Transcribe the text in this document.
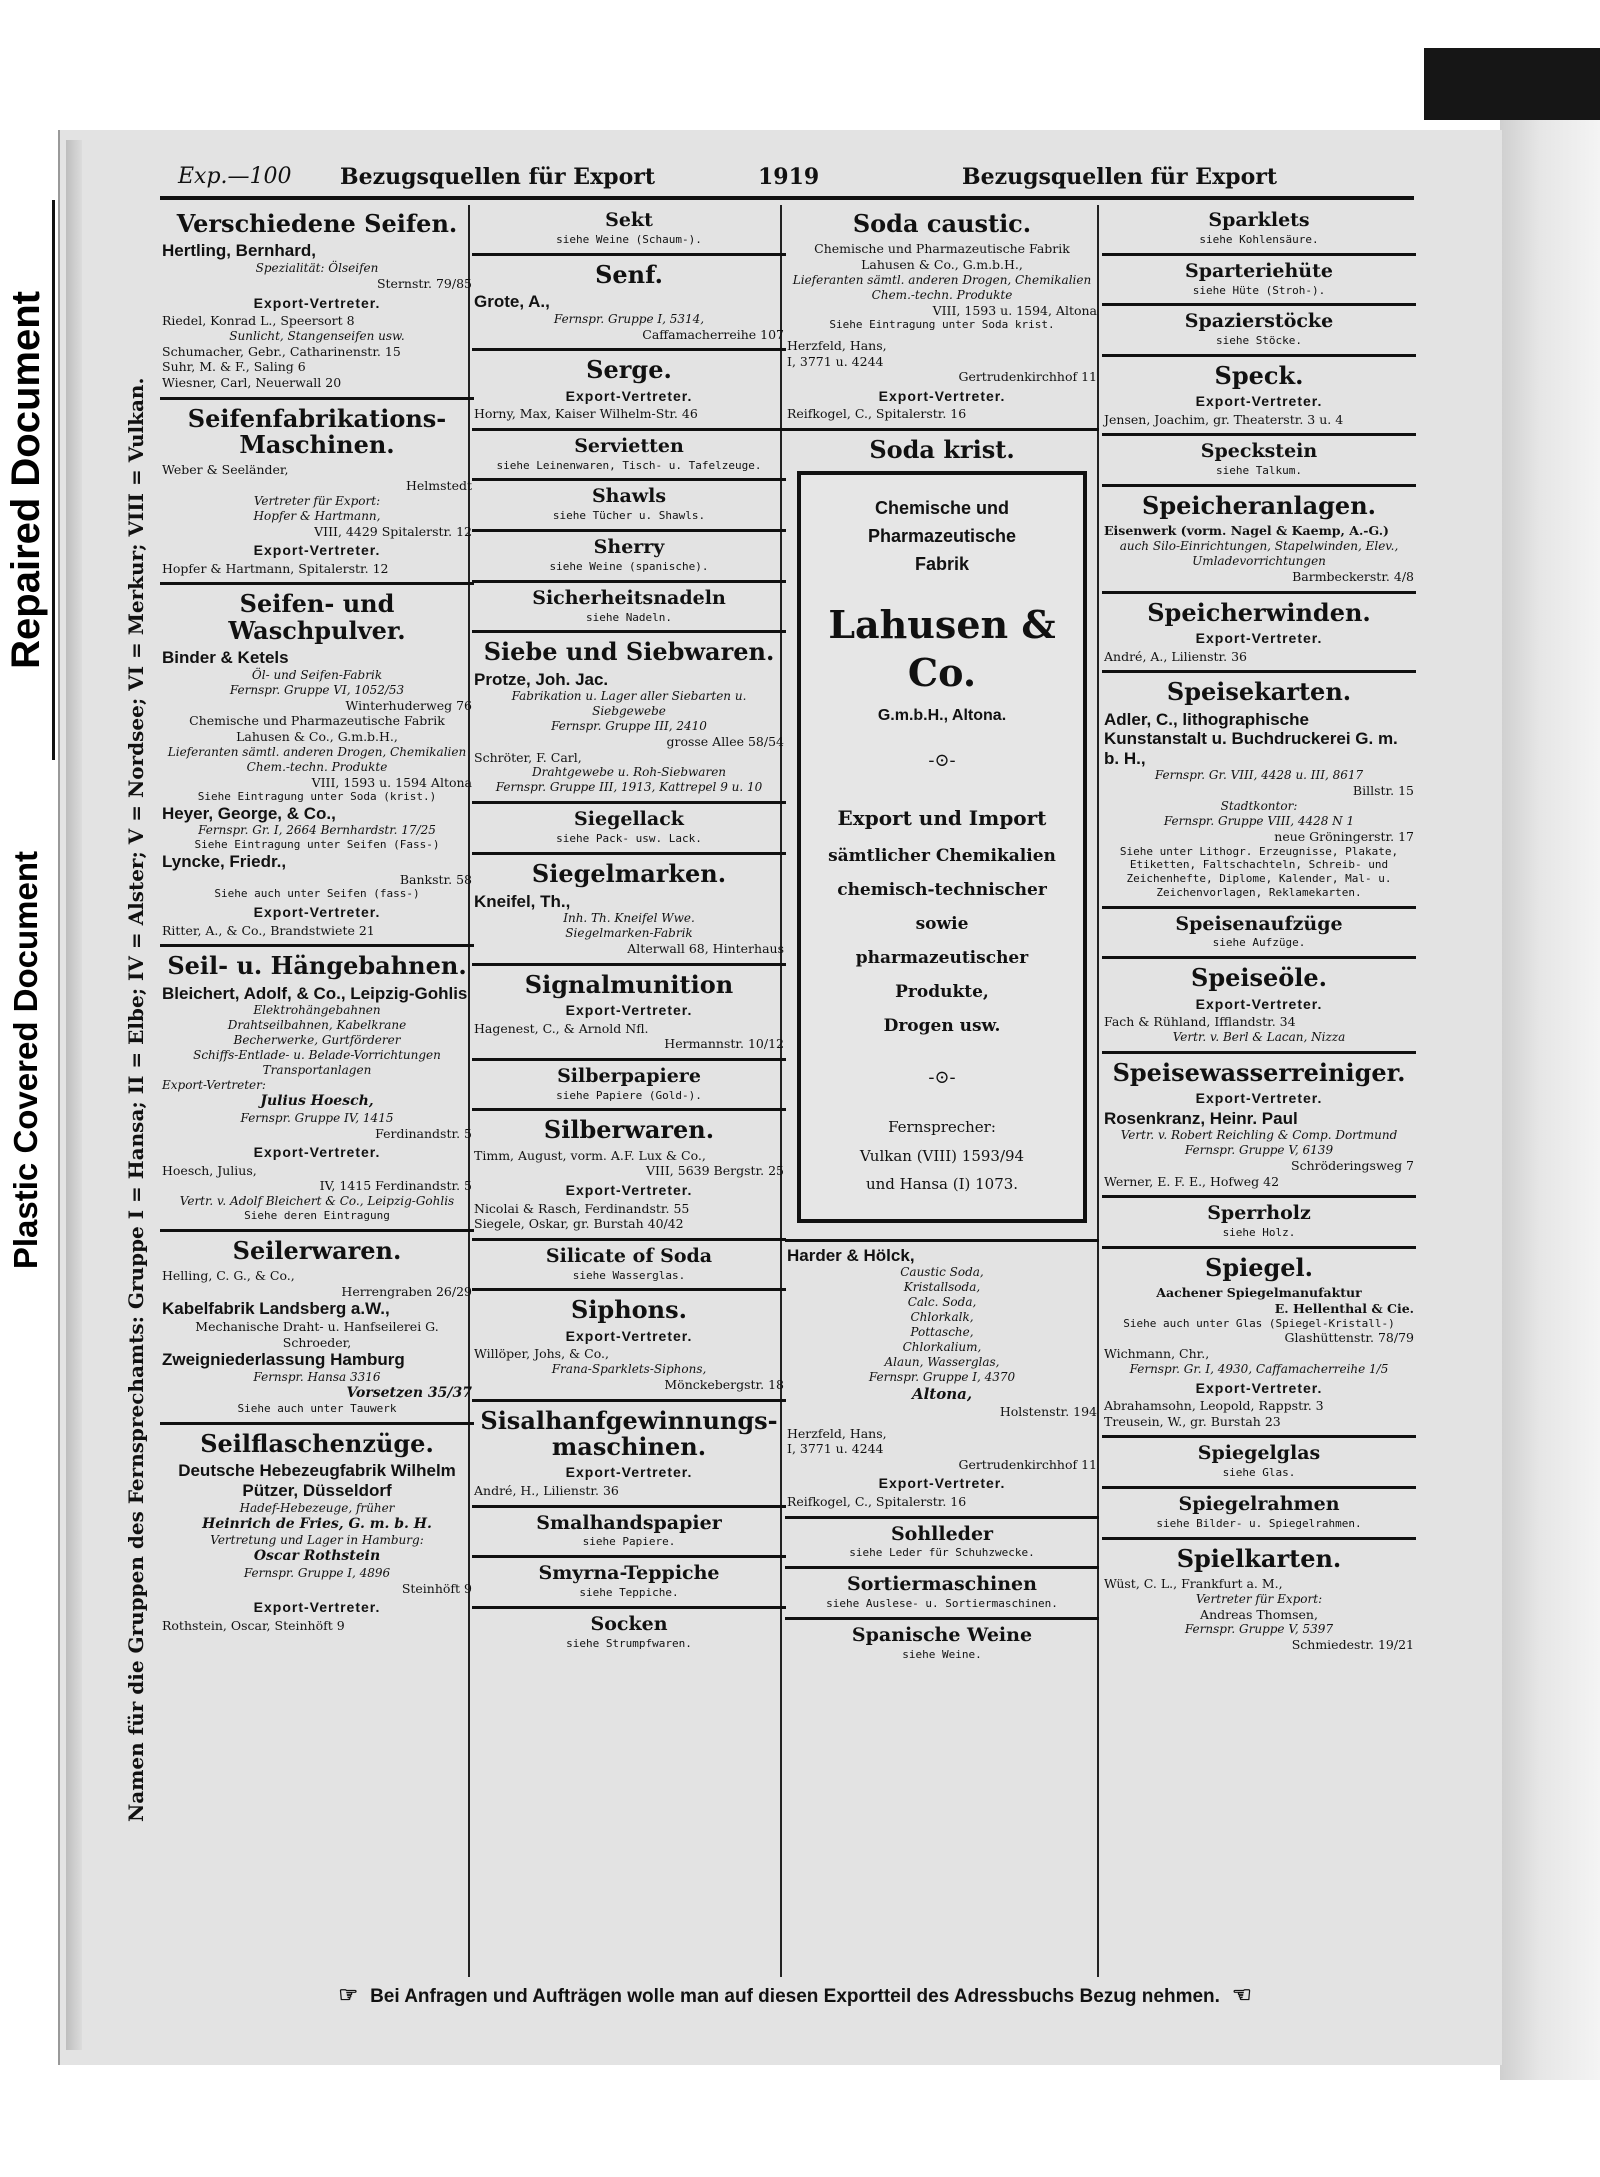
Repaired Document
Plastic Covered Document
Exp.—100 Bezugsquellen für Export	1919	Bezugsquellen für Export
Namen für die Gruppen des Fernsprechamts: Gruppe I = Hansa; II = Elbe; IV = Alster; V = Nordsee; VI = Merkur; VIII = Vulkan.
Verschiedene Seifen.
Hertling, Bernhard,
Spezialität: Ölseifen
Sternstr. 79/85
Export-Vertreter.
Riedel, Konrad L., Speersort 8
Sunlicht, Stangenseifen usw.
Schumacher, Gebr., Catharinenstr. 15
Suhr, M. & F., Saling 6
Wiesner, Carl, Neuerwall 20
Seifenfabrikations-Maschinen.
Weber & Seeländer,
Helmstedt
Vertreter für Export:
Hopfer & Hartmann,
VIII, 4429 Spitalerstr. 12
Export-Vertreter.
Hopfer & Hartmann, Spitalerstr. 12
Seifen- und Waschpulver.
Binder & Ketels
Öl- und Seifen-Fabrik
Fernspr. Gruppe VI, 1052/53
Winterhuderweg 76
Chemische und Pharmazeutische Fabrik Lahusen & Co., G.m.b.H.,
Lieferanten sämtl. anderen Drogen, Chemikalien
Chem.-techn. Produkte
VIII, 1593 u. 1594 Altona
Siehe Eintragung unter Soda (krist.)
Heyer, George, & Co.,
Fernspr. Gr. I, 2664 Bernhardstr. 17/25
Siehe Eintragung unter Seifen (Fass-)
Lyncke, Friedr.,
Bankstr. 58
Siehe auch unter Seifen (fass-)
Export-Vertreter.
Ritter, A., & Co., Brandstwiete 21
Seil- u. Hängebahnen.
Bleichert, Adolf, & Co., Leipzig-Gohlis
Elektrohängebahnen
Drahtseilbahnen, Kabelkrane
Becherwerke, Gurtförderer
Schiffs-Entlade- u. Belade-Vorrichtungen
Transportanlagen
Export-Vertreter:
Julius Hoesch,
Fernspr. Gruppe IV, 1415
Ferdinandstr. 5
Export-Vertreter.
Hoesch, Julius,
IV, 1415 Ferdinandstr. 5
Vertr. v. Adolf Bleichert & Co., Leipzig-Gohlis
Siehe deren Eintragung
Seilerwaren.
Helling, C. G., & Co.,
Herrengraben 26/29
Kabelfabrik Landsberg a.W.,
Mechanische Draht- u. Hanfseilerei G. Schroeder,
Zweigniederlassung Hamburg
Fernspr. Hansa 3316
Vorsetzen 35/37
Siehe auch unter Tauwerk
Seilflaschenzüge.
Deutsche Hebezeugfabrik Wilhelm Pützer, Düsseldorf
Hadef-Hebezeuge, früher
Heinrich de Fries, G. m. b. H.
Vertretung und Lager in Hamburg:
Oscar Rothstein
Fernspr. Gruppe I, 4896
Steinhöft 9
Export-Vertreter.
Rothstein, Oscar, Steinhöft 9
Sekt
siehe Weine (Schaum-).
Senf.
Grote, A.,
Fernspr. Gruppe I, 5314,
Caffamacherreihe 107
Serge.
Export-Vertreter.
Horny, Max, Kaiser Wilhelm-Str. 46
Servietten
siehe Leinenwaren, Tisch- u. Tafelzeuge.
Shawls
siehe Tücher u. Shawls.
Sherry
siehe Weine (spanische).
Sicherheitsnadeln
siehe Nadeln.
Siebe und Siebwaren.
Protze, Joh. Jac.
Fabrikation u. Lager aller Siebarten u. Siebgewebe
Fernspr. Gruppe III, 2410
grosse Allee 58/54
Schröter, F. Carl,
Drahtgewebe u. Roh-Siebwaren
Fernspr. Gruppe III, 1913, Kattrepel 9 u. 10
Siegellack
siehe Pack- usw. Lack.
Siegelmarken.
Kneifel, Th.,
Inh. Th. Kneifel Wwe.
Siegelmarken-Fabrik
Alterwall 68, Hinterhaus
Signalmunition
Export-Vertreter.
Hagenest, C., & Arnold Nfl.
Hermannstr. 10/12
Silberpapiere
siehe Papiere (Gold-).
Silberwaren.
Timm, August, vorm. A.F. Lux & Co.,
VIII, 5639 Bergstr. 25
Export-Vertreter.
Nicolai & Rasch, Ferdinandstr. 55
Siegele, Oskar, gr. Burstah 40/42
Silicate of Soda
siehe Wasserglas.
Siphons.
Export-Vertreter.
Willöper, Johs, & Co.,
Frana-Sparklets-Siphons,
Mönckebergstr. 18
Sisalhanfgewinnungs-maschinen.
Export-Vertreter.
André, H., Lilienstr. 36
Smalhandspapier
siehe Papiere.
Smyrna-Teppiche
siehe Teppiche.
Socken
siehe Strumpfwaren.
Soda caustic.
Chemische und Pharmazeutische Fabrik Lahusen & Co., G.m.b.H.,
Lieferanten sämtl. anderen Drogen, Chemikalien
Chem.-techn. Produkte
VIII, 1593 u. 1594, Altona
Siehe Eintragung unter Soda krist.
Herzfeld, Hans,
I, 3771 u. 4244
Gertrudenkirchhof 11
Export-Vertreter.
Reifkogel, C., Spitalerstr. 16
Soda krist.
Chemische und
Pharmazeutische
Fabrik
Lahusen & Co.
G.m.b.H., Altona.
-⊙-
Export und Import
sämtlicher Chemikalien
chemisch-technischer
sowie
pharmazeutischer
Produkte,
Drogen usw.
-⊙-
Fernsprecher:
Vulkan (VIII) 1593/94
und Hansa (I) 1073.
Harder & Hölck,
Caustic Soda,
Kristallsoda,
Calc. Soda,
Chlorkalk,
Pottasche,
Chlorkalium,
Alaun, Wasserglas,
Fernspr. Gruppe I, 4370
Altona,
Holstenstr. 194
Herzfeld, Hans,
I, 3771 u. 4244
Gertrudenkirchhof 11
Export-Vertreter.
Reifkogel, C., Spitalerstr. 16
Sohlleder
siehe Leder für Schuhzwecke.
Sortiermaschinen
siehe Auslese- u. Sortiermaschinen.
Spanische Weine
siehe Weine.
Sparklets
siehe Kohlensäure.
Sparteriehüte
siehe Hüte (Stroh-).
Spazierstöcke
siehe Stöcke.
Speck.
Export-Vertreter.
Jensen, Joachim, gr. Theaterstr. 3 u. 4
Speckstein
siehe Talkum.
Speicheranlagen.
Eisenwerk (vorm. Nagel & Kaemp, A.-G.)
auch Silo-Einrichtungen, Stapelwinden, Elev., Umladevorrichtungen
Barmbeckerstr. 4/8
Speicherwinden.
Export-Vertreter.
André, A., Lilienstr. 36
Speisekarten.
Adler, C., lithographische Kunstanstalt u. Buchdruckerei G. m. b. H.,
Fernspr. Gr. VIII, 4428 u. III, 8617
Billstr. 15
Stadtkontor:
Fernspr. Gruppe VIII, 4428 N 1
neue Gröningerstr. 17
Siehe unter Lithogr. Erzeugnisse, Plakate, Etiketten, Faltschachteln, Schreib- und Zeichenhefte, Diplome, Kalender, Mal- u. Zeichenvorlagen, Reklamekarten.
Speisenaufzüge
siehe Aufzüge.
Speiseöle.
Export-Vertreter.
Fach & Rühland, Ifflandstr. 34
Vertr. v. Berl & Lacan, Nizza
Speisewasserreiniger.
Export-Vertreter.
Rosenkranz, Heinr. Paul
Vertr. v. Robert Reichling & Comp. Dortmund
Fernspr. Gruppe V, 6139
Schröderingsweg 7
Werner, E. F. E., Hofweg 42
Sperrholz
siehe Holz.
Spiegel.
Aachener Spiegelmanufaktur
E. Hellenthal & Cie.
Siehe auch unter Glas (Spiegel-Kristall-)
Glashüttenstr. 78/79
Wichmann, Chr.,
Fernspr. Gr. I, 4930, Caffamacherreihe 1/5
Export-Vertreter.
Abrahamsohn, Leopold, Rappstr. 3
Treusein, W., gr. Burstah 23
Spiegelglas
siehe Glas.
Spiegelrahmen
siehe Bilder- u. Spiegelrahmen.
Spielkarten.
Wüst, C. L., Frankfurt a. M.,
Vertreter für Export:
Andreas Thomsen,
Fernspr. Gruppe V, 5397
Schmiedestr. 19/21
☞ Bei Anfragen und Aufträgen wolle man auf diesen Exportteil des Adressbuchs Bezug nehmen. ☜
